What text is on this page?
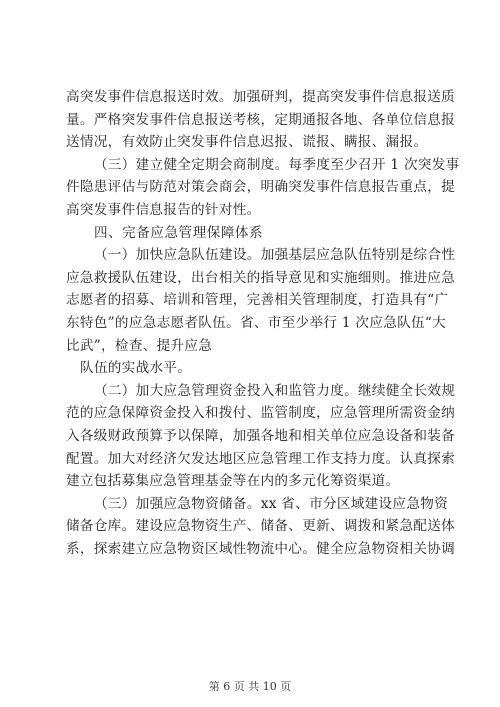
高突发事件信息报送时效。加强研判，提高突发事件信息报送质
量。严格突发事件信息报送考核，定期通报各地、各单位信息报
送情况，有效防止突发事件信息迟报、谎报、瞒报、漏报。
（三）建立健全定期会商制度。每季度至少召开 1 次突发事
件隐患评估与防范对策会商会，明确突发事件信息报告重点，提
高突发事件信息报告的针对性。
四、完备应急管理保障体系
（一）加快应急队伍建设。加强基层应急队伍特别是综合性
应急救援队伍建设，出台相关的指导意见和实施细则。推进应急
志愿者的招募、培训和管理，完善相关管理制度，打造具有“广
东特色”的应急志愿者队伍。省、市至少举行 1 次应急队伍“大
比武”，检查、提升应急
队伍的实战水平。
（二）加大应急管理资金投入和监管力度。继续健全长效规
范的应急保障资金投入和拨付、监管制度，应急管理所需资金纳
入各级财政预算予以保障，加强各地和相关单位应急设备和装备
配置。加大对经济欠发达地区应急管理工作支持力度。认真探索
建立包括募集应急管理基金等在内的多元化筹资渠道。
（三）加强应急物资储备。xx 省、市分区域建设应急物资
储备仓库。建设应急物资生产、储备、更新、调拨和紧急配送体
系，探索建立应急物资区域性物流中心。健全应急物资相关协调
第 6 页 共 10 页
